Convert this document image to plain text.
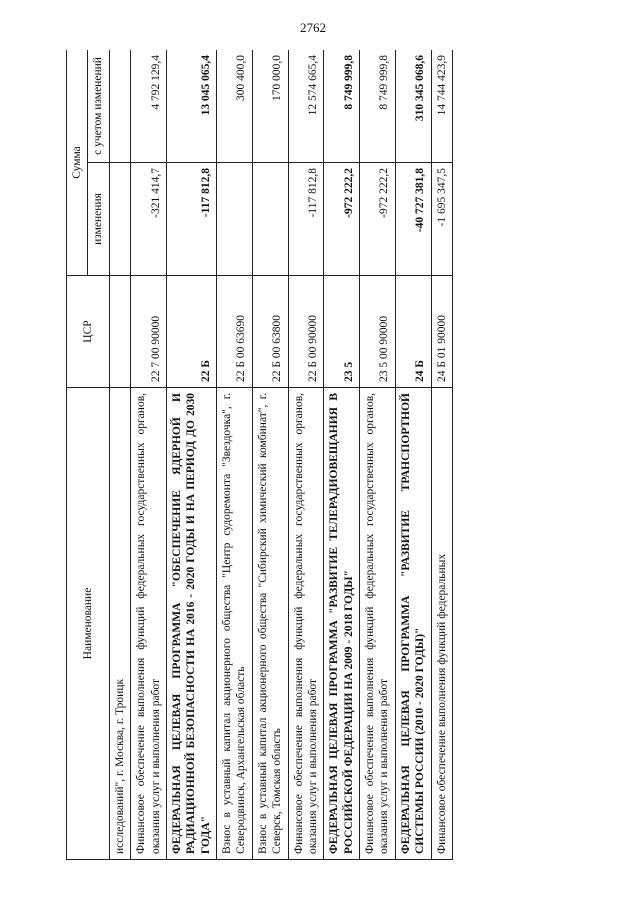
2762
Наименование	ЦСР	Сумма	
		изменения	с учетом изменений
исследований", г. Москва, г. Троицк			
Финансовое обеспечение выполнения функций федеральных государственных органов, оказания услуг и выполнения работ	22 7 00 90000	-321 414,7	4 792 129,4
ФЕДЕРАЛЬНАЯ ЦЕЛЕВАЯ ПРОГРАММА "ОБЕСПЕЧЕНИЕ ЯДЕРНОЙ И РАДИАЦИОННОЙ БЕЗОПАСНОСТИ НА 2016 - 2020 ГОДЫ И НА ПЕРИОД ДО 2030 ГОДА"	22 Б	-117 812,8	13 045 065,4
Взнос в уставный капитал акционерного общества "Центр судоремонта "Звездочка", г. Северодвинск, Архангельская область	22 Б 00 63690		300 400,0
Взнос в уставный капитал акционерного общества "Сибирский химический комбинат", г. Северск, Томская область	22 Б 00 63800		170 000,0
Финансовое обеспечение выполнения функций федеральных государственных органов, оказания услуг и выполнения работ	22 Б 00 90000	-117 812,8	12 574 665,4
ФЕДЕРАЛЬНАЯ ЦЕЛЕВАЯ ПРОГРАММА "РАЗВИТИЕ ТЕЛЕРАДИОВЕЩАНИЯ В РОССИЙСКОЙ ФЕДЕРАЦИИ НА 2009 - 2018 ГОДЫ"	23 5	-972 222,2	8 749 999,8
Финансовое обеспечение выполнения функций федеральных государственных органов, оказания услуг и выполнения работ	23 5 00 90000	-972 222,2	8 749 999,8
ФЕДЕРАЛЬНАЯ ЦЕЛЕВАЯ ПРОГРАММА "РАЗВИТИЕ ТРАНСПОРТНОЙ СИСТЕМЫ РОССИИ (2010 - 2020 ГОДЫ)"	24 Б	-40 727 381,8	310 345 068,6
Финансовое обеспечение выполнения функций федеральных	24 Б 01 90000	-1 695 347,5	14 744 423,9
